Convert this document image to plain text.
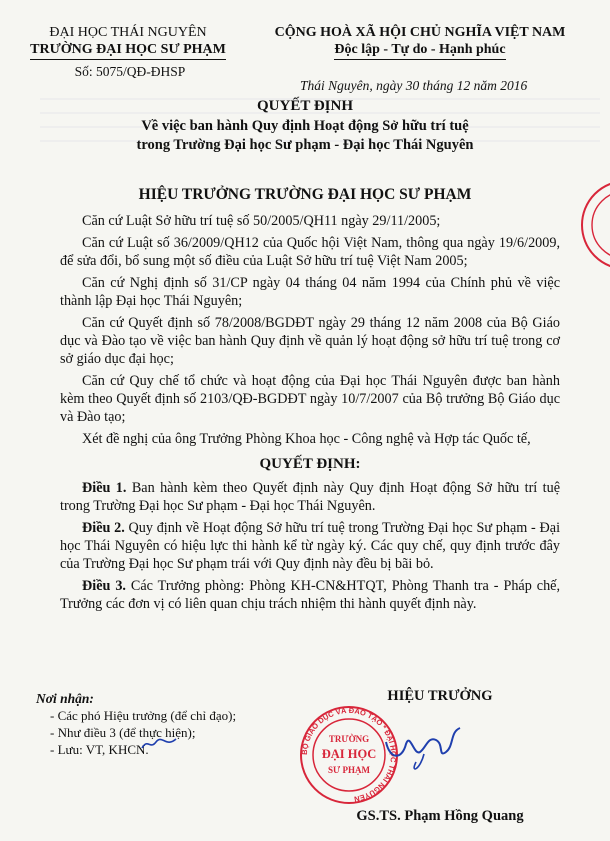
ĐẠI HỌC THÁI NGUYÊN
TRƯỜNG ĐẠI HỌC SƯ PHẠM
CỘNG HOÀ XÃ HỘI CHỦ NGHĨA VIỆT NAM
Độc lập - Tự do - Hạnh phúc
Số: 5075/QĐ-ĐHSP
Thái Nguyên, ngày 30 tháng 12 năm 2016
QUYẾT ĐỊNH
Về việc ban hành Quy định Hoạt động Sở hữu trí tuệ
trong Trường Đại học Sư phạm - Đại học Thái Nguyên
HIỆU TRƯỞNG TRƯỜNG ĐẠI HỌC SƯ PHẠM

Căn cứ Luật Sở hữu trí tuệ số 50/2005/QH11 ngày 29/11/2005;

Căn cứ Luật số 36/2009/QH12 của Quốc hội Việt Nam, thông qua ngày 19/6/2009, để sửa đổi, bổ sung một số điều của Luật Sở hữu trí tuệ Việt Nam 2005;

Căn cứ Nghị định số 31/CP ngày 04 tháng 04 năm 1994 của Chính phủ về việc thành lập Đại học Thái Nguyên;

Căn cứ Quyết định số 78/2008/BGDĐT ngày 29 tháng 12 năm 2008 của Bộ Giáo dục và Đào tạo về việc ban hành Quy định về quản lý hoạt động sở hữu trí tuệ trong cơ sở giáo dục đại học;

Căn cứ Quy chế tổ chức và hoạt động của Đại học Thái Nguyên được ban hành kèm theo Quyết định số 2103/QĐ-BGDĐT ngày 10/7/2007 của Bộ trưởng Bộ Giáo dục và Đào tạo;

Xét đề nghị của ông Trưởng Phòng Khoa học - Công nghệ và Hợp tác Quốc tế,

QUYẾT ĐỊNH:

Điều 1. Ban hành kèm theo Quyết định này Quy định Hoạt động Sở hữu trí tuệ trong Trường Đại học Sư phạm - Đại học Thái Nguyên.

Điều 2. Quy định về Hoạt động Sở hữu trí tuệ trong Trường Đại học Sư phạm - Đại học Thái Nguyên có hiệu lực thi hành kể từ ngày ký. Các quy chế, quy định trước đây của Trường Đại học Sư phạm trái với Quy định này đều bị bãi bỏ.

Điều 3. Các Trưởng phòng: Phòng KH-CN&HTQT, Phòng Thanh tra - Pháp chế, Trưởng các đơn vị có liên quan chịu trách nhiệm thi hành quyết định này.

Nơi nhận:
- Các phó Hiệu trưởng (để chỉ đạo);
- Như điều 3 (để thực hiện);
- Lưu: VT, KHCN.
HIỆU TRƯỞNG
BỘ GIÁO DỤC VÀ ĐÀO TẠO * ĐẠI HỌC THÁI NGUYÊN
TRƯỜNG
ĐẠI HỌC
SƯ PHẠM
GS.TS. Phạm Hồng Quang
